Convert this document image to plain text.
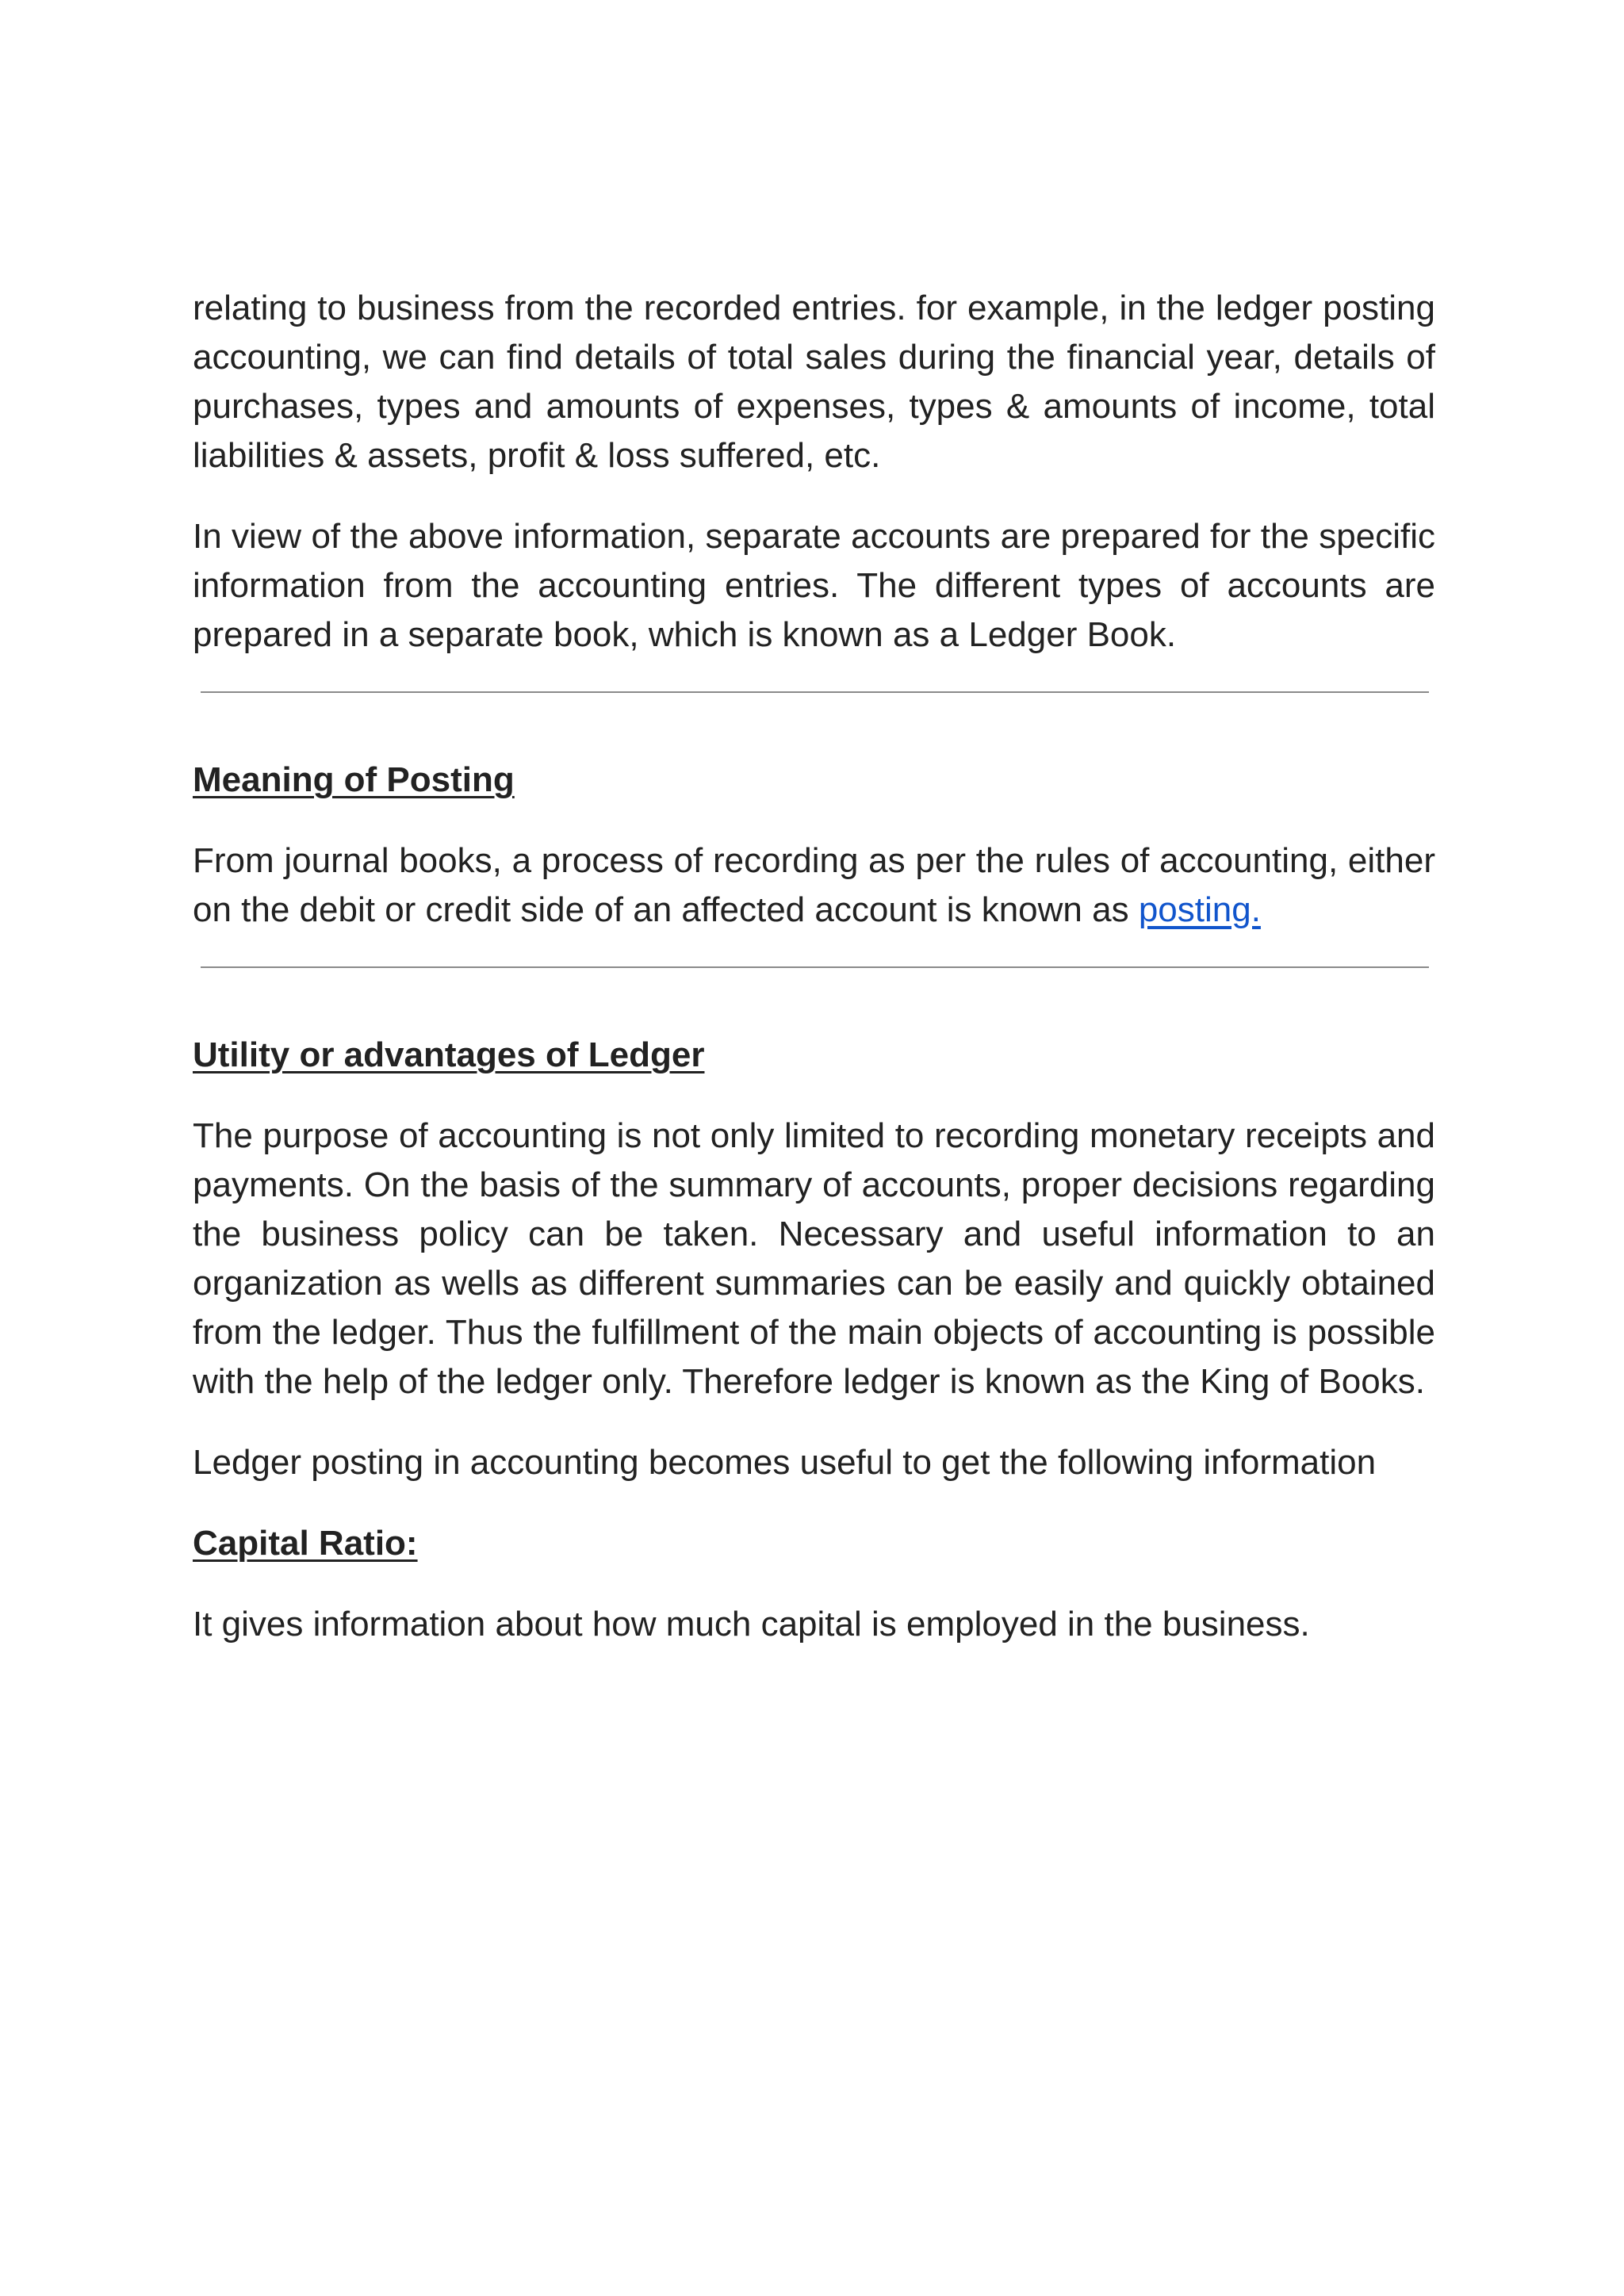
relating to business from the recorded entries. for example, in the ledger posting accounting, we can find details of total sales during the financial year, details of purchases, types and amounts of expenses, types & amounts of income, total liabilities & assets, profit & loss suffered, etc.

In view of the above information, separate accounts are prepared for the specific information from the accounting entries. The different types of accounts are prepared in a separate book, which is known as a Ledger Book.

Meaning of Posting

From journal books, a process of recording as per the rules of accounting, either on the debit or credit side of an affected account is known as posting.

Utility or advantages of Ledger

The purpose of accounting is not only limited to recording monetary receipts and payments. On the basis of the summary of accounts, proper decisions regarding the business policy can be taken. Necessary and useful information to an organization as wells as different summaries can be easily and quickly obtained from the ledger. Thus the fulfillment of the main objects of accounting is possible with the help of the ledger only. Therefore ledger is known as the King of Books.

Ledger posting in accounting becomes useful to get the following information

Capital Ratio:

It gives information about how much capital is employed in the business.
